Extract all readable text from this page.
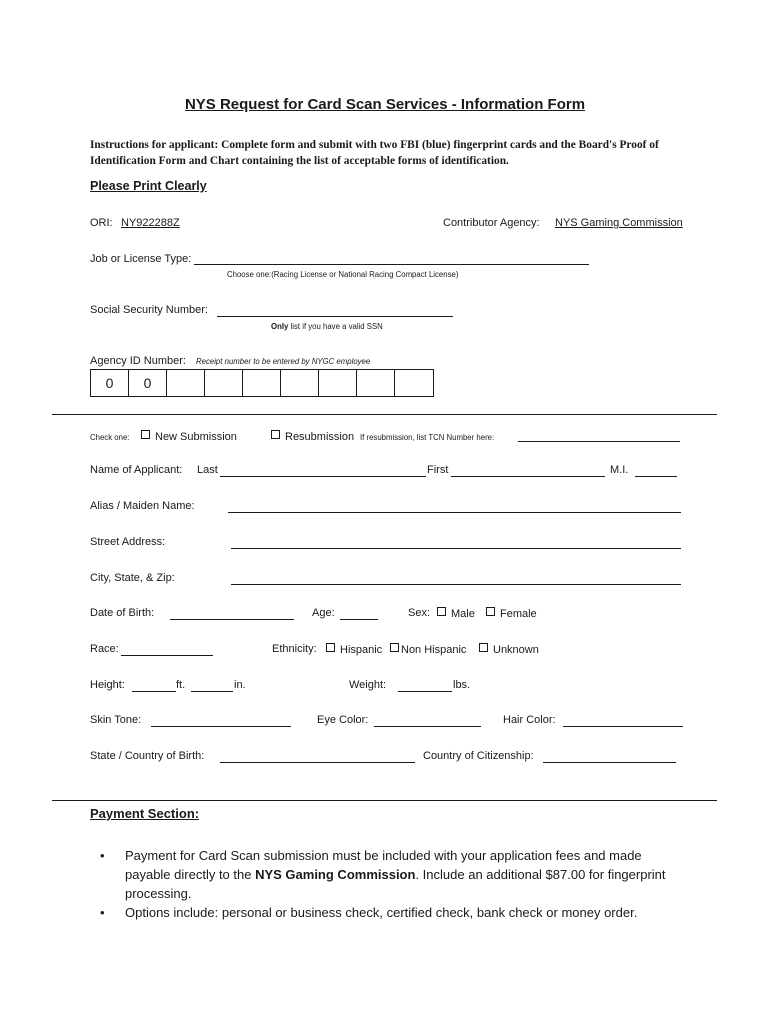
NYS Request for Card Scan Services - Information Form
Instructions for applicant: Complete form and submit with two FBI (blue) fingerprint cards and the Board's Proof of Identification Form and Chart containing the list of acceptable forms of identification.
Please Print Clearly
ORI: NY922288Z	Contributor Agency: NYS Gaming Commission
Job or License Type:
Choose one:(Racing License or National Racing Compact License)
Social Security Number:
Only list if you have a valid SSN
Agency ID Number: Receipt number to be entered by NYGC employee
0	0
Check one:	New Submission	Resubmission If resubmission, list TCN Number here:
Name of Applicant: Last	First	M.I.
Alias / Maiden Name:
Street Address:
City, State, & Zip:
Date of Birth:	Age:	Sex:	Male	Female
Race:	Ethnicity:	Hispanic	Non Hispanic	Unknown
Height:	ft.	in.	Weight:	lbs.
Skin Tone:	Eye Color:	Hair Color:
State / Country of Birth:	Country of Citizenship:
Payment Section:
• Payment for Card Scan submission must be included with your application fees and made payable directly to the NYS Gaming Commission. Include an additional $87.00 for fingerprint processing.
• Options include: personal or business check, certified check, bank check or money order.
